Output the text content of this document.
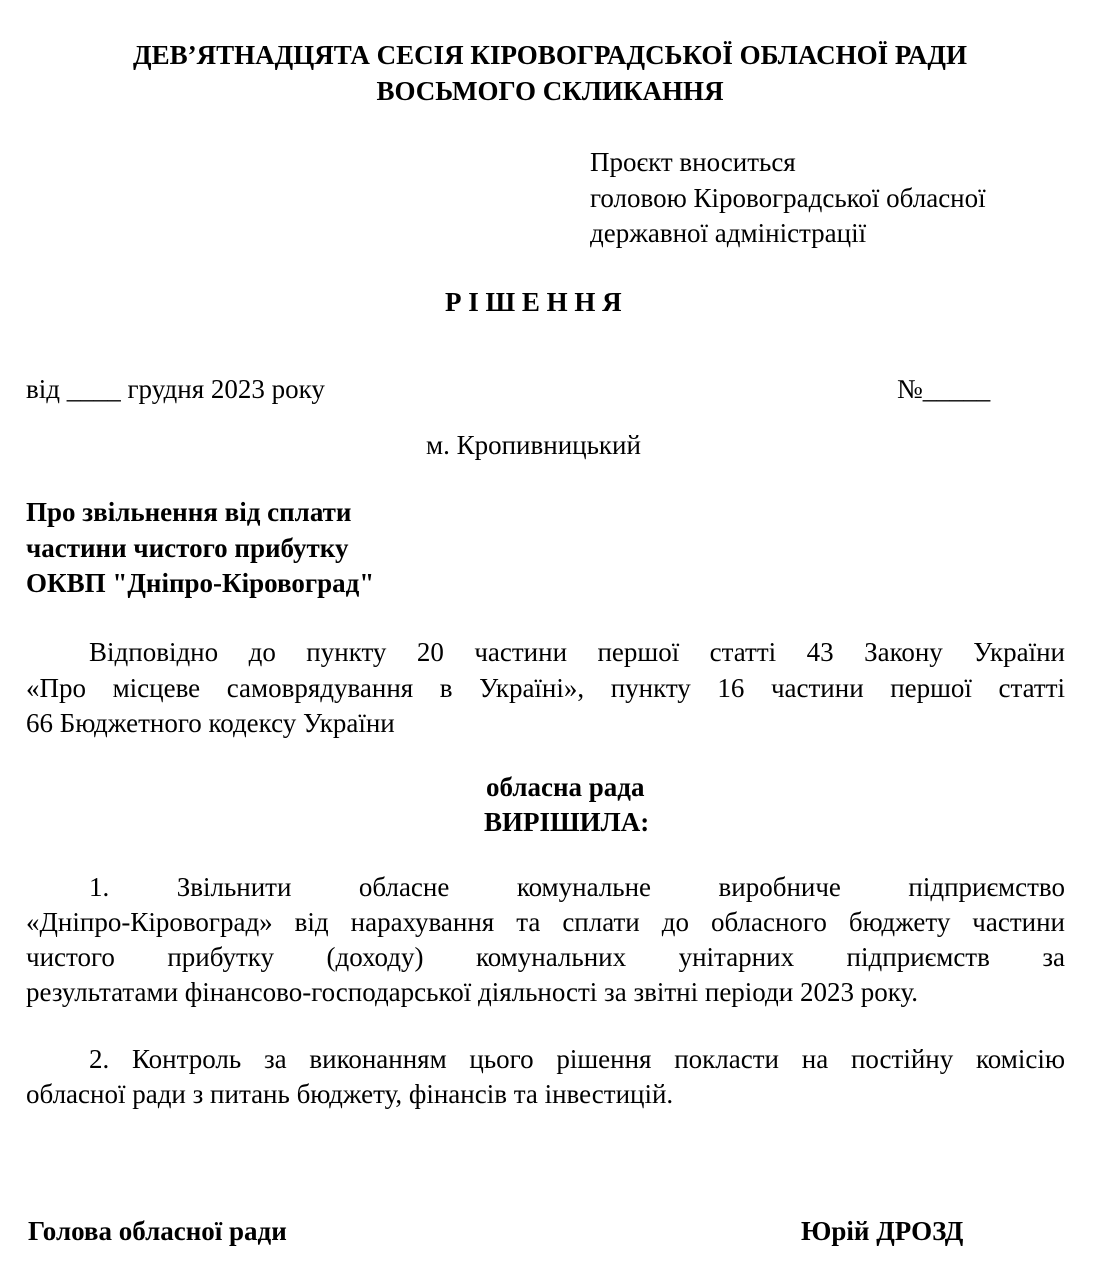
ДЕВ’ЯТНАДЦЯТА СЕСІЯ КІРОВОГРАДСЬКОЇ ОБЛАСНОЇ РАДИ
ВОСЬМОГО СКЛИКАННЯ
Проєкт вноситься
головою Кіровоградської обласної
державної адміністрації
Р І Ш Е Н Н Я
від ____ грудня 2023 року	№_____
м. Кропивницький
Про звільнення від сплати
частини чистого прибутку
ОКВП "Дніпро-Кіровоград"
Відповідно до пункту 20 частини першої статті 43 Закону України
«Про місцеве самоврядування в Україні», пункту 16 частини першої статті
66 Бюджетного кодексу України
обласна рада
ВИРІШИЛА:
1. Звільнити обласне комунальне виробниче підприємство
«Дніпро-Кіровоград» від нарахування та сплати до обласного бюджету частини
чистого прибутку (доходу) комунальних унітарних підприємств за
результатами фінансово-господарської діяльності за звітні періоди 2023 року.
2. Контроль за виконанням цього рішення покласти на постійну комісію
обласної ради з питань бюджету, фінансів та інвестицій.
Голова обласної ради	Юрій ДРОЗД
